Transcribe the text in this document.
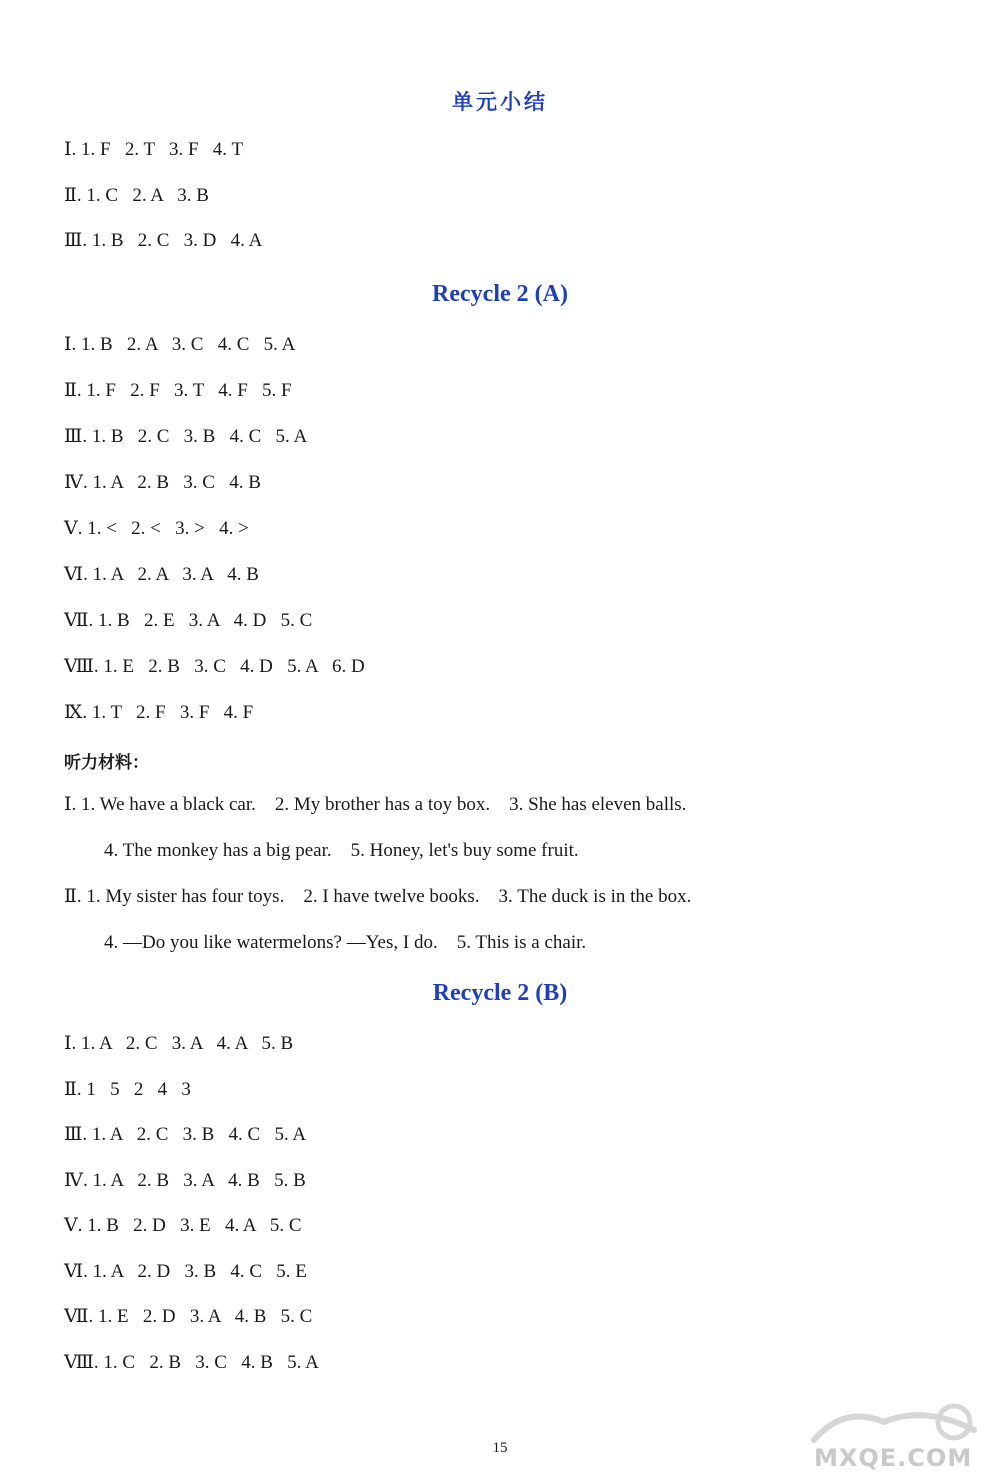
单元小结
Ⅰ. 1. F   2. T   3. F   4. T
Ⅱ. 1. C   2. A   3. B
Ⅲ. 1. B   2. C   3. D   4. A
Recycle 2 (A)
Ⅰ. 1. B   2. A   3. C   4. C   5. A
Ⅱ. 1. F   2. F   3. T   4. F   5. F
Ⅲ. 1. B   2. C   3. B   4. C   5. A
Ⅳ. 1. A   2. B   3. C   4. B
Ⅴ. 1. <   2. <   3. >   4. >
Ⅵ. 1. A   2. A   3. A   4. B
Ⅶ. 1. B   2. E   3. A   4. D   5. C
Ⅷ. 1. E   2. B   3. C   4. D   5. A   6. D
Ⅸ. 1. T   2. F   3. F   4. F
听力材料：
Ⅰ. 1. We have a black car.    2. My brother has a toy box.    3. She has eleven balls.
4. The monkey has a big pear.    5. Honey, let's buy some fruit.
Ⅱ. 1. My sister has four toys.    2. I have twelve books.    3. The duck is in the box.
4. —Do you like watermelons? —Yes, I do.    5. This is a chair.
Recycle 2 (B)
Ⅰ. 1. A   2. C   3. A   4. A   5. B
Ⅱ. 1   5   2   4   3
Ⅲ. 1. A   2. C   3. B   4. C   5. A
Ⅳ. 1. A   2. B   3. A   4. B   5. B
Ⅴ. 1. B   2. D   3. E   4. A   5. C
Ⅵ. 1. A   2. D   3. B   4. C   5. E
Ⅶ. 1. E   2. D   3. A   4. B   5. C
Ⅷ. 1. C   2. B   3. C   4. B   5. A
15	MXQE.COM
